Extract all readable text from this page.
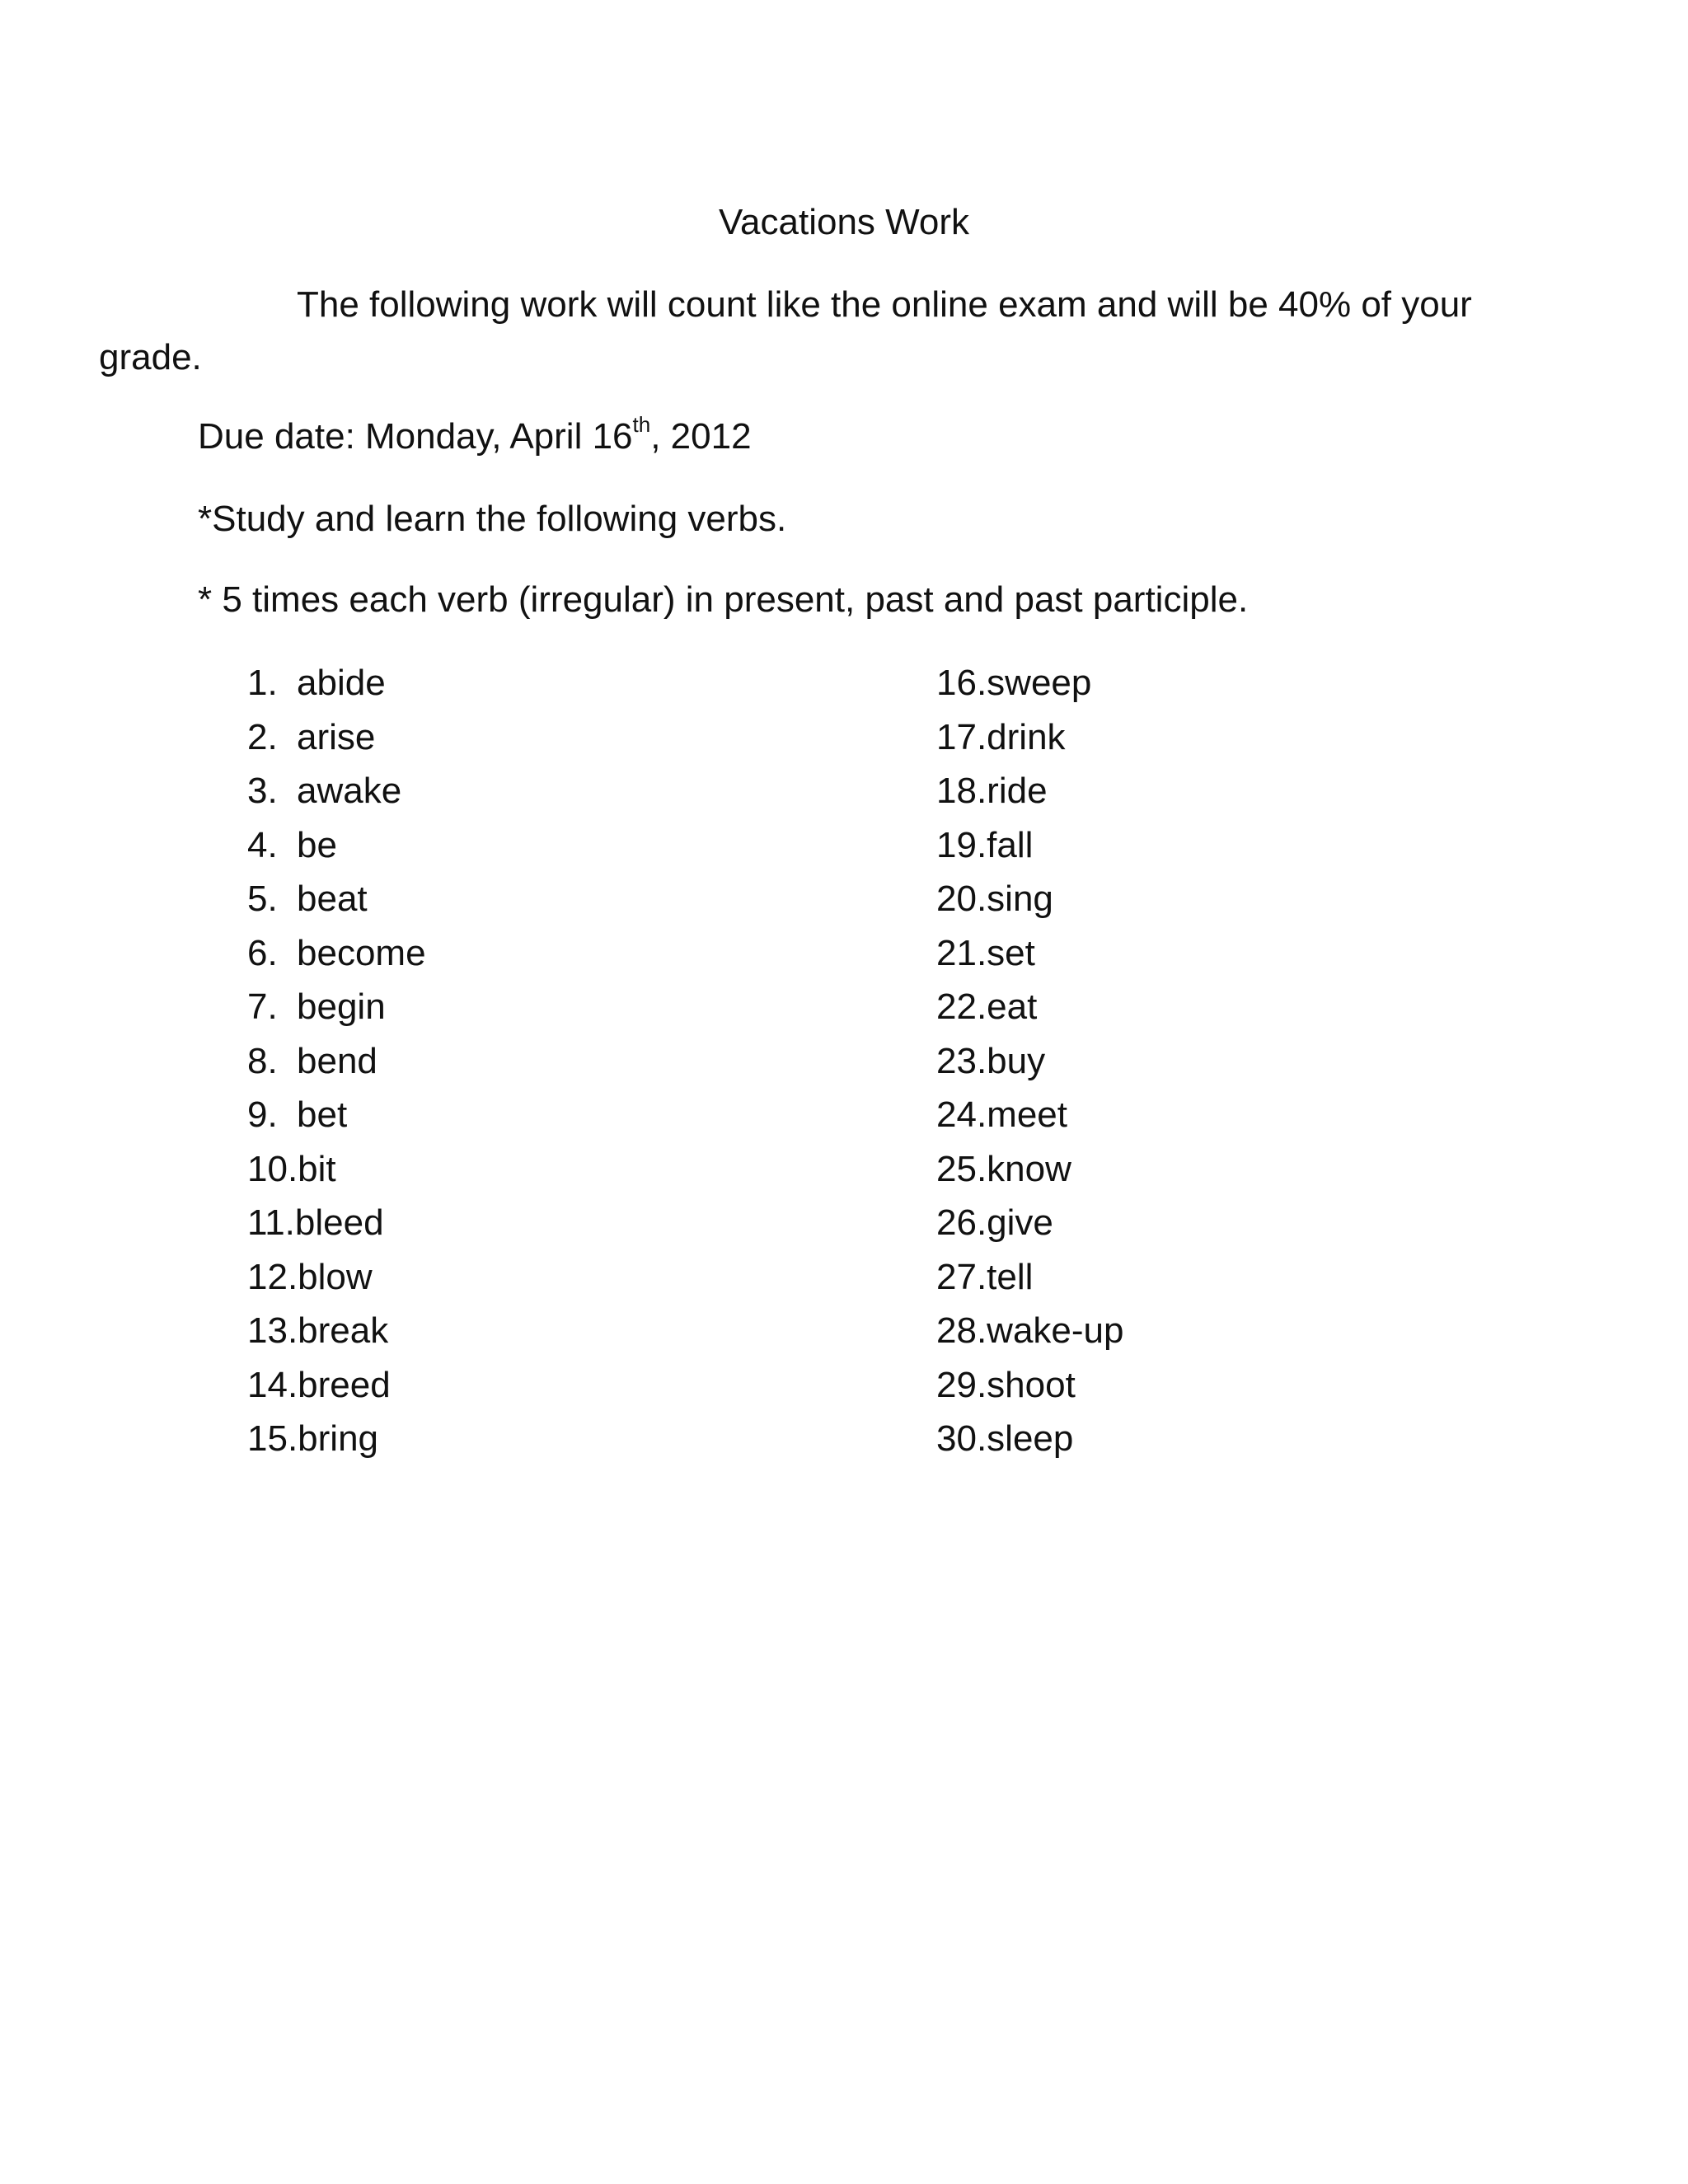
Vacations Work

The following work will count like the online exam and will be 40% of your
grade.

Due date: Monday, April 16th, 2012

*Study and learn the following verbs.

* 5 times each verb (irregular) in present, past and past participle.

1. abide
2. arise
3. awake
4. be
5. beat
6. become
7. begin
8. bend
9. bet
10.bit
11.bleed
12.blow
13.break
14.breed
15.bring
16.sweep
17.drink
18.ride
19.fall
20.sing
21.set
22.eat
23.buy
24.meet
25.know
26.give
27.tell
28.wake-up
29.shoot
30.sleep
